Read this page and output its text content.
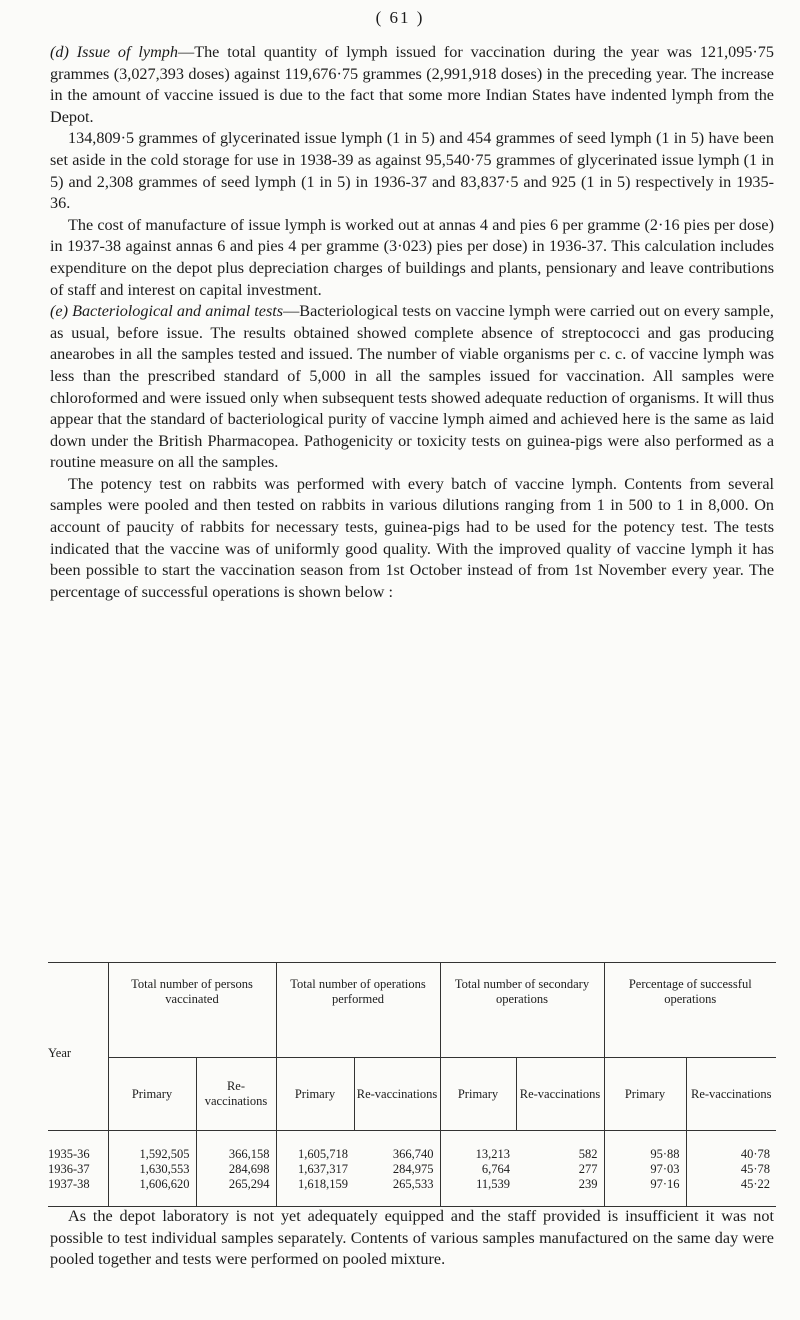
( 61 )

(d) Issue of lymph—The total quantity of lymph issued for vaccination during the year was 121,095·75 grammes (3,027,393 doses) against 119,676·75 grammes (2,991,918 doses) in the preceding year. The increase in the amount of vaccine issued is due to the fact that some more Indian States have indented lymph from the Depot.

134,809·5 grammes of glycerinated issue lymph (1 in 5) and 454 grammes of seed lymph (1 in 5) have been set aside in the cold storage for use in 1938-39 as against 95,540·75 grammes of glycerinated issue lymph (1 in 5) and 2,308 grammes of seed lymph (1 in 5) in 1936-37 and 83,837·5 and 925 (1 in 5) respectively in 1935-36.

The cost of manufacture of issue lymph is worked out at annas 4 and pies 6 per gramme (2·16 pies per dose) in 1937-38 against annas 6 and pies 4 per gramme (3·023) pies per dose) in 1936-37. This calculation includes expenditure on the depot plus depreciation charges of buildings and plants, pensionary and leave contributions of staff and interest on capital investment.

(e) Bacteriological and animal tests—Bacteriological tests on vaccine lymph were carried out on every sample, as usual, before issue. The results obtained showed complete absence of streptococci and gas producing anearobes in all the samples tested and issued. The number of viable organisms per c. c. of vaccine lymph was less than the prescribed standard of 5,000 in all the samples issued for vaccination. All samples were chloroformed and were issued only when subsequent tests showed adequate reduction of organisms. It will thus appear that the standard of bacteriological purity of vaccine lymph aimed and achieved here is the same as laid down under the British Pharmacopea. Pathogenicity or toxicity tests on guinea-pigs were also performed as a routine measure on all the samples.

The potency test on rabbits was performed with every batch of vaccine lymph. Contents from several samples were pooled and then tested on rabbits in various dilutions ranging from 1 in 500 to 1 in 8,000. On account of paucity of rabbits for necessary tests, guinea-pigs had to be used for the potency test. The tests indicated that the vaccine was of uniformly good quality. With the improved quality of vaccine lymph it has been possible to start the vaccination season from 1st October instead of from 1st November every year. The percentage of successful operations is shown below :

Year	Total number of persons vaccinated		Total number of operations performed		Total number of secondary operations		Percentage of successful operations	
	Primary	Re-vaccinations	Primary	Re-vaccinations	Primary	Re-vaccinations	Primary	Re-vaccinations
1935-36	1,592,505	366,158	1,605,718	366,740	13,213	582	95·88	40·78
1936-37	1,630,553	284,698	1,637,317	284,975	6,764	277	97·03	45·78
1937-38	1,606,620	265,294	1,618,159	265,533	11,539	239	97·16	45·22

As the depot laboratory is not yet adequately equipped and the staff provided is insufficient it was not possible to test individual samples separately. Contents of various samples manufactured on the same day were pooled together and tests were performed on pooled mixture.
